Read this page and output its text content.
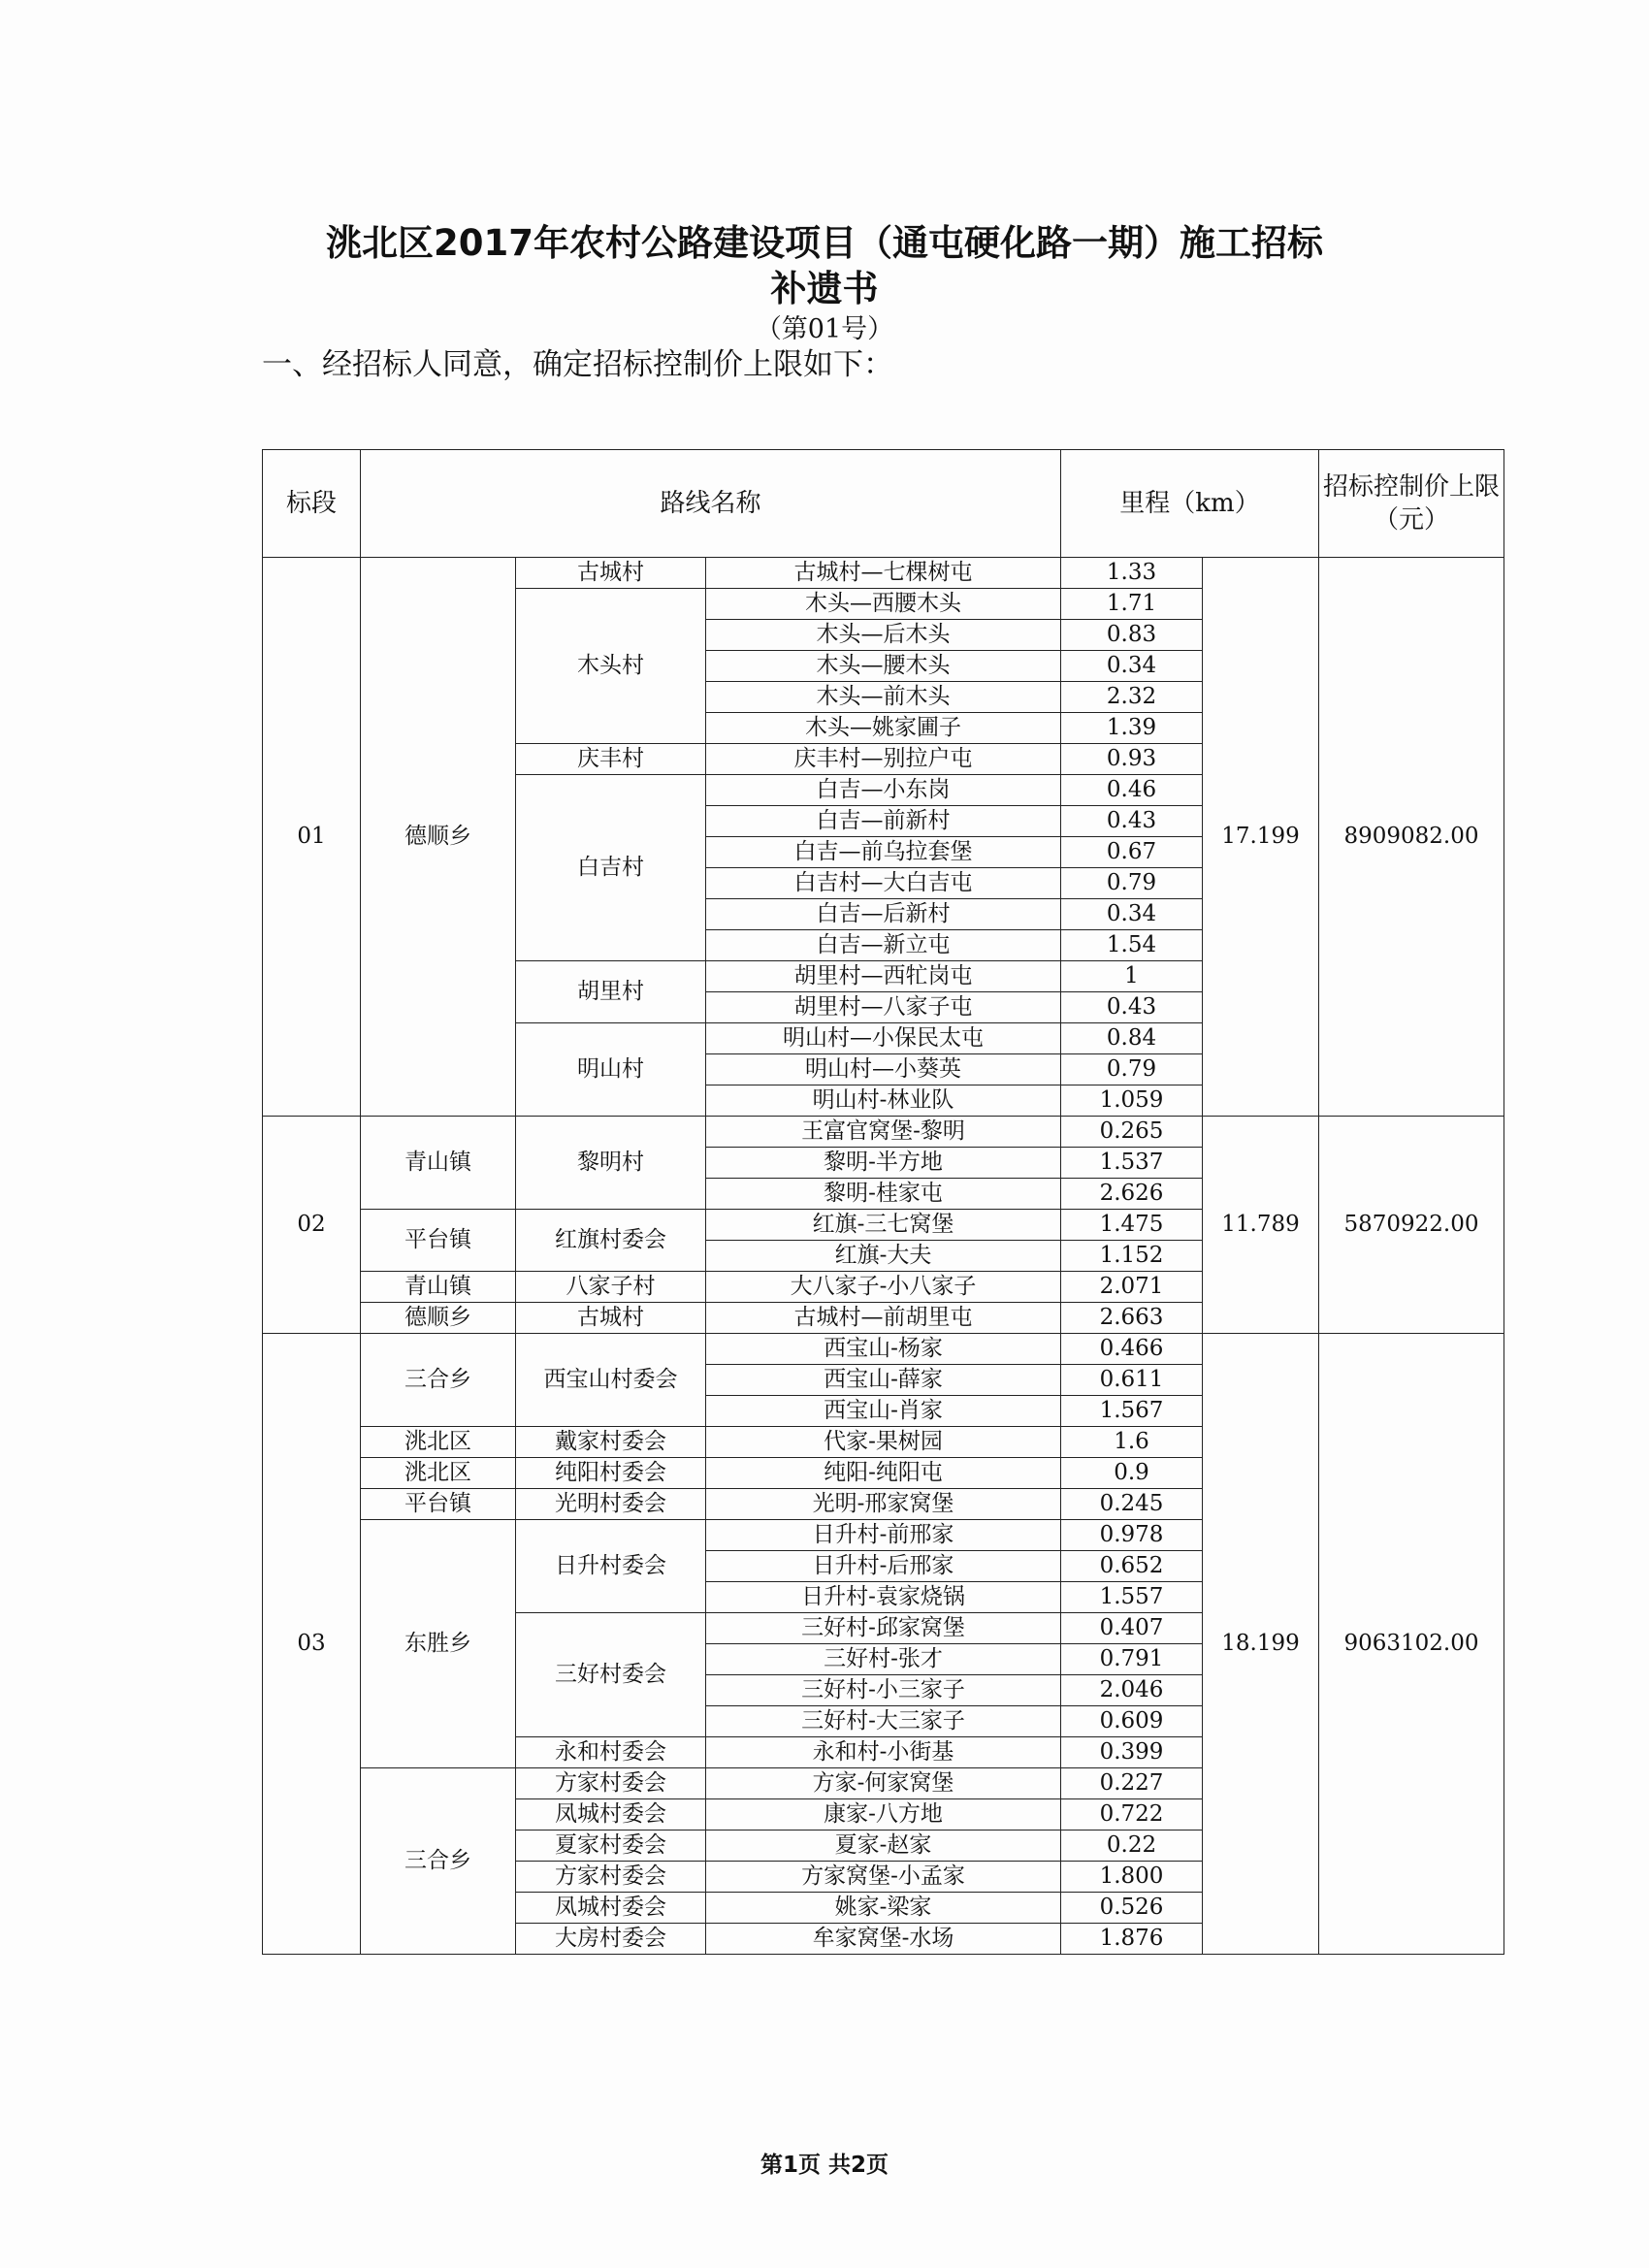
洮北区2017年农村公路建设项目（通屯硬化路一期）施工招标
补遗书
（第01号）
一、经招标人同意，确定招标控制价上限如下：
标段	路线名称			里程（km）		招标控制价上限（元）
01	德顺乡	古城村	古城村—七棵树屯	1.33	17.199	8909082.00
		木头村	木头—西腰木头	1.71		
			木头—后木头	0.83		
			木头—腰木头	0.34		
			木头—前木头	2.32		
			木头—姚家圃子	1.39		
		庆丰村	庆丰村—别拉户屯	0.93		
		白吉村	白吉—小东岗	0.46		
			白吉—前新村	0.43		
			白吉—前乌拉套堡	0.67		
			白吉村—大白吉屯	0.79		
			白吉—后新村	0.34		
			白吉—新立屯	1.54		
		胡里村	胡里村—西牤岗屯	1		
			胡里村—八家子屯	0.43		
		明山村	明山村—小保民太屯	0.84		
			明山村—小葵英	0.79		
			明山村-林业队	1.059		
02	青山镇	黎明村	王富官窝堡-黎明	0.265	11.789	5870922.00
			黎明-半方地	1.537		
			黎明-桂家屯	2.626		
	平台镇	红旗村委会	红旗-三七窝堡	1.475		
			红旗-大夫	1.152		
	青山镇	八家子村	大八家子-小八家子	2.071		
	德顺乡	古城村	古城村—前胡里屯	2.663		
03	三合乡	西宝山村委会	西宝山-杨家	0.466	18.199	9063102.00
			西宝山-薛家	0.611		
			西宝山-肖家	1.567		
	洮北区	戴家村委会	代家-果树园	1.6		
	洮北区	纯阳村委会	纯阳-纯阳屯	0.9		
	平台镇	光明村委会	光明-邢家窝堡	0.245		
	东胜乡	日升村委会	日升村-前邢家	0.978		
			日升村-后邢家	0.652		
			日升村-袁家烧锅	1.557		
		三好村委会	三好村-邱家窝堡	0.407		
			三好村-张才	0.791		
			三好村-小三家子	2.046		
			三好村-大三家子	0.609		
		永和村委会	永和村-小街基	0.399		
	三合乡	方家村委会	方家-何家窝堡	0.227		
		凤城村委会	康家-八方地	0.722		
		夏家村委会	夏家-赵家	0.22		
		方家村委会	方家窝堡-小孟家	1.800		
		凤城村委会	姚家-梁家	0.526		
		大房村委会	牟家窝堡-水场	1.876		
第1页 共2页
